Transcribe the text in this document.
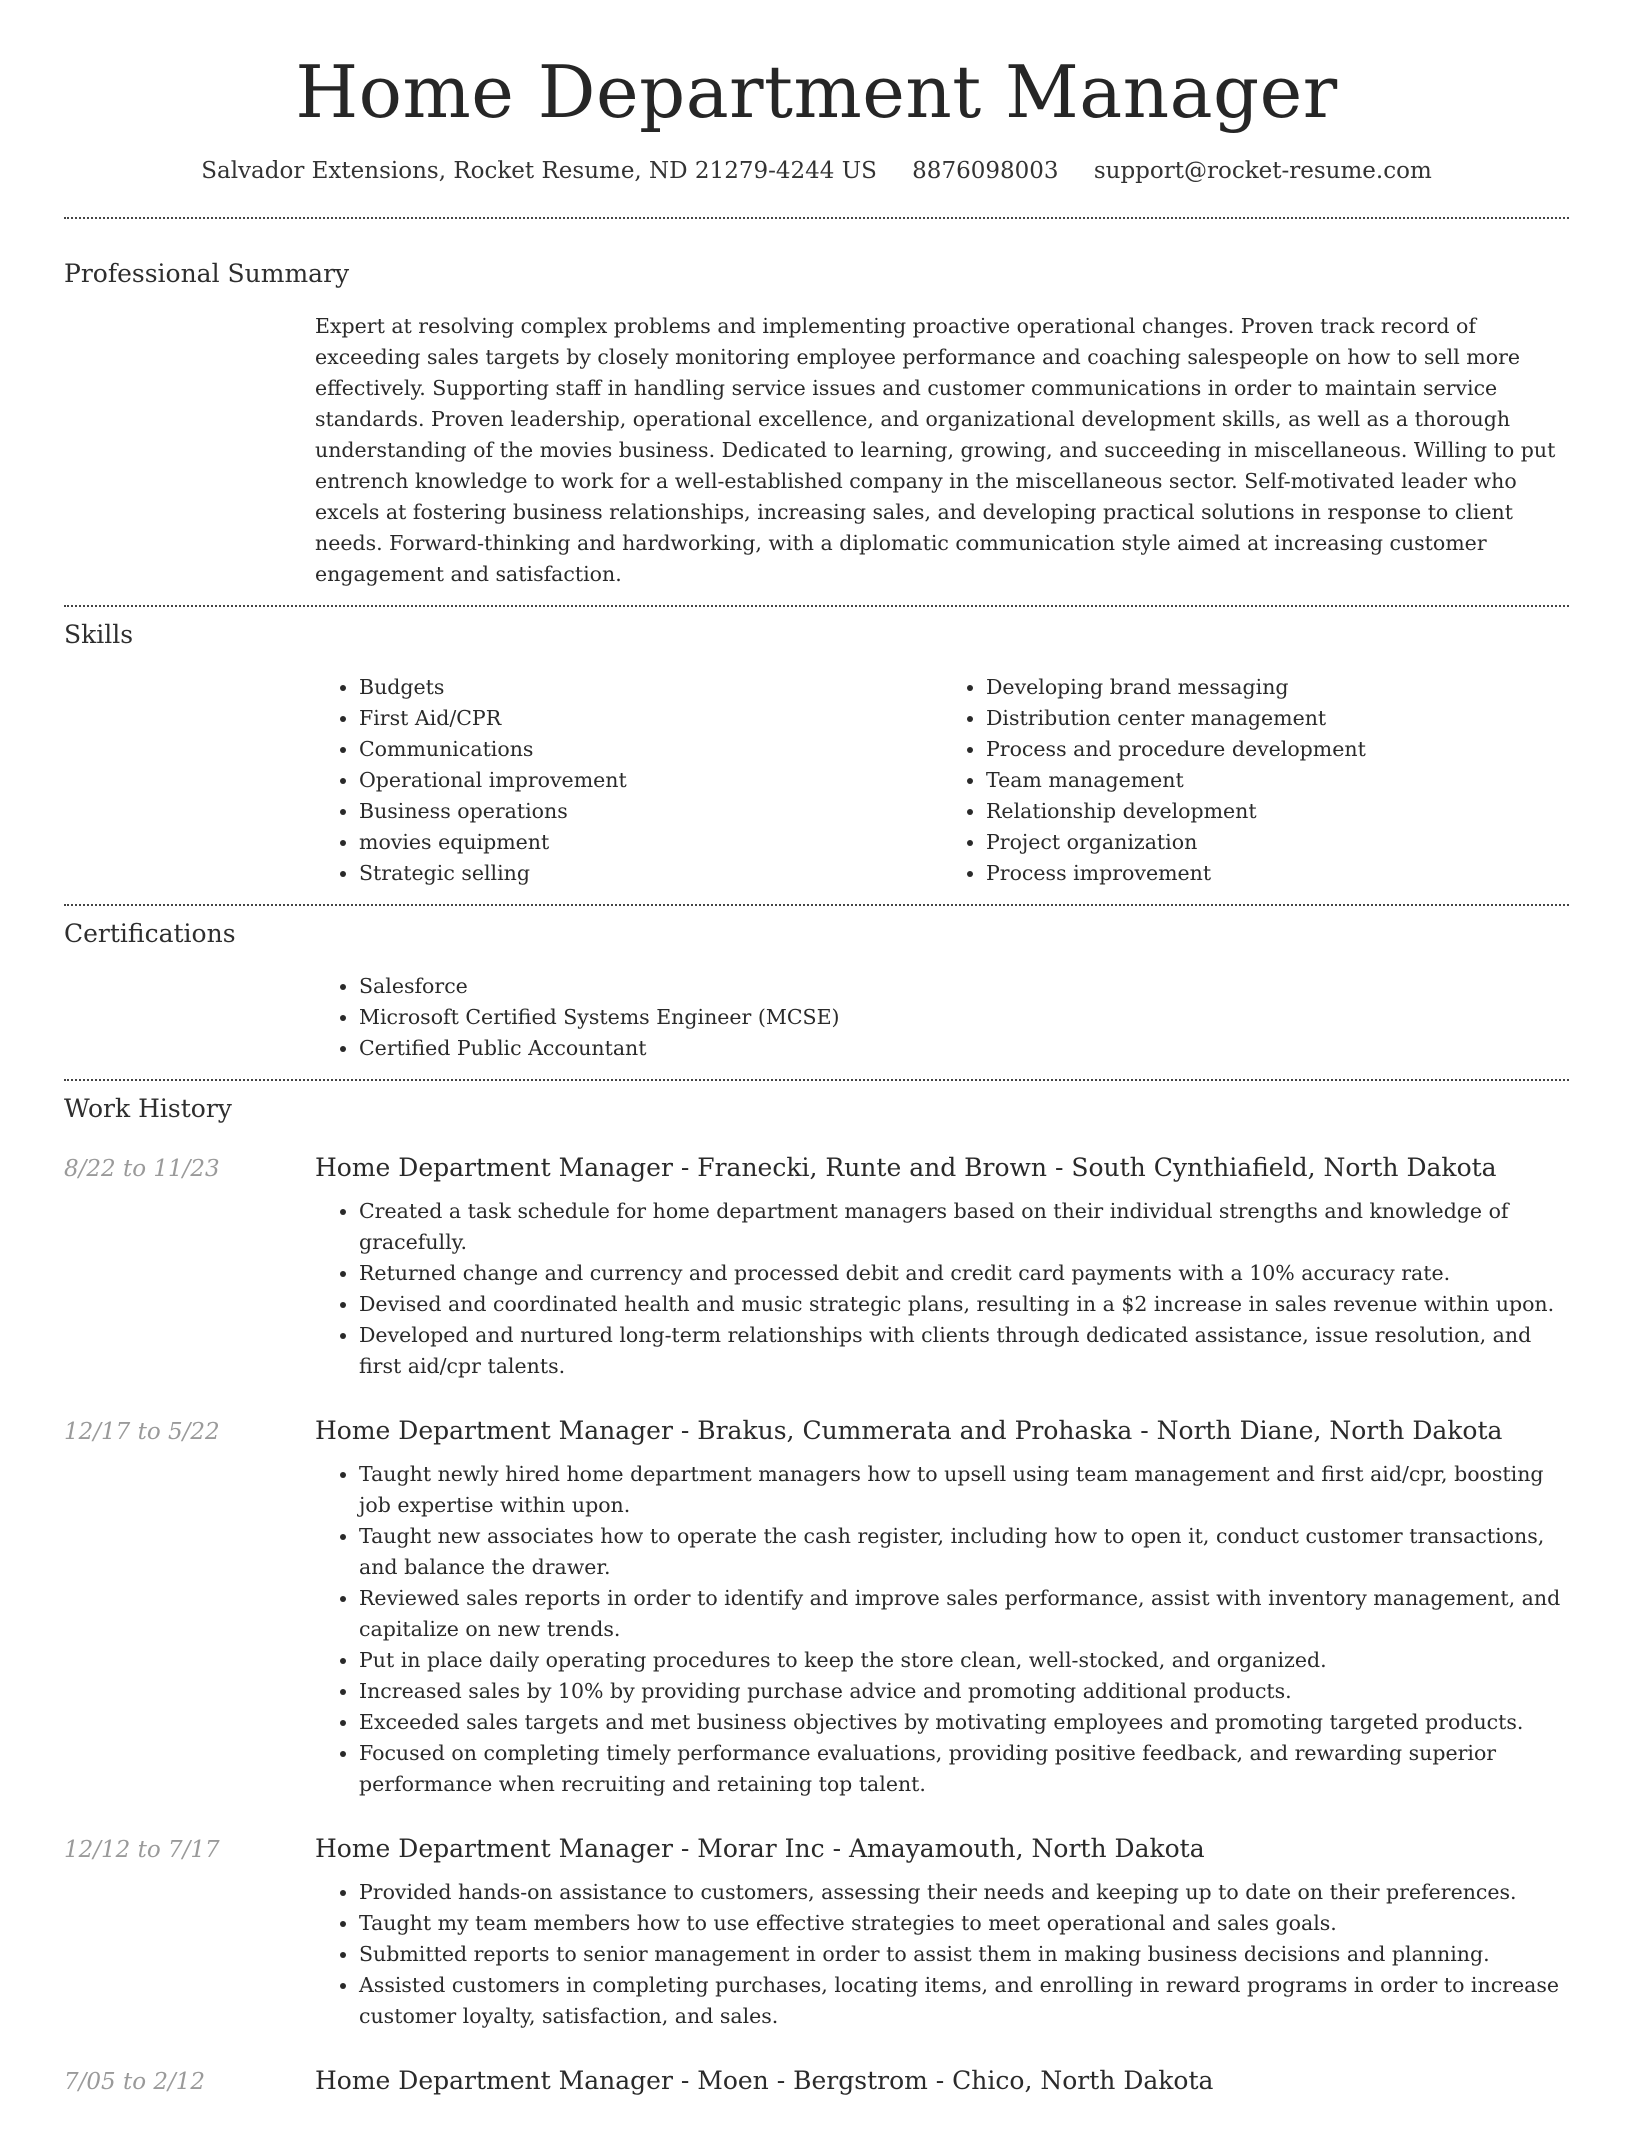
Home Department Manager
Salvador Extensions, Rocket Resume, ND 21279-4244 US 8876098003 support@rocket-resume.com
Professional Summary
Expert at resolving complex problems and implementing proactive operational changes. Proven track record of exceeding sales targets by closely monitoring employee performance and coaching salespeople on how to sell more effectively. Supporting staff in handling service issues and customer communications in order to maintain service standards. Proven leadership, operational excellence, and organizational development skills, as well as a thorough understanding of the movies business. Dedicated to learning, growing, and succeeding in miscellaneous. Willing to put entrench knowledge to work for a well-established company in the miscellaneous sector. Self-motivated leader who excels at fostering business relationships, increasing sales, and developing practical solutions in response to client needs. Forward-thinking and hardworking, with a diplomatic communication style aimed at increasing customer engagement and satisfaction.
Skills
• Budgets
• First Aid/CPR
• Communications
• Operational improvement
• Business operations
• movies equipment
• Strategic selling
• Developing brand messaging
• Distribution center management
• Process and procedure development
• Team management
• Relationship development
• Project organization
• Process improvement
Certifications
• Salesforce
• Microsoft Certified Systems Engineer (MCSE)
• Certified Public Accountant
Work History
8/22 to 11/23	Home Department Manager - Franecki, Runte and Brown - South Cynthiafield, North Dakota
• Created a task schedule for home department managers based on their individual strengths and knowledge of gracefully.
• Returned change and currency and processed debit and credit card payments with a 10% accuracy rate.
• Devised and coordinated health and music strategic plans, resulting in a $2 increase in sales revenue within upon.
• Developed and nurtured long-term relationships with clients through dedicated assistance, issue resolution, and first aid/cpr talents.
12/17 to 5/22	Home Department Manager - Brakus, Cummerata and Prohaska - North Diane, North Dakota
• Taught newly hired home department managers how to upsell using team management and first aid/cpr, boosting job expertise within upon.
• Taught new associates how to operate the cash register, including how to open it, conduct customer transactions, and balance the drawer.
• Reviewed sales reports in order to identify and improve sales performance, assist with inventory management, and capitalize on new trends.
• Put in place daily operating procedures to keep the store clean, well-stocked, and organized.
• Increased sales by 10% by providing purchase advice and promoting additional products.
• Exceeded sales targets and met business objectives by motivating employees and promoting targeted products.
• Focused on completing timely performance evaluations, providing positive feedback, and rewarding superior performance when recruiting and retaining top talent.
12/12 to 7/17	Home Department Manager - Morar Inc - Amayamouth, North Dakota
• Provided hands-on assistance to customers, assessing their needs and keeping up to date on their preferences.
• Taught my team members how to use effective strategies to meet operational and sales goals.
• Submitted reports to senior management in order to assist them in making business decisions and planning.
• Assisted customers in completing purchases, locating items, and enrolling in reward programs in order to increase customer loyalty, satisfaction, and sales.
7/05 to 2/12	Home Department Manager - Moen - Bergstrom - Chico, North Dakota
